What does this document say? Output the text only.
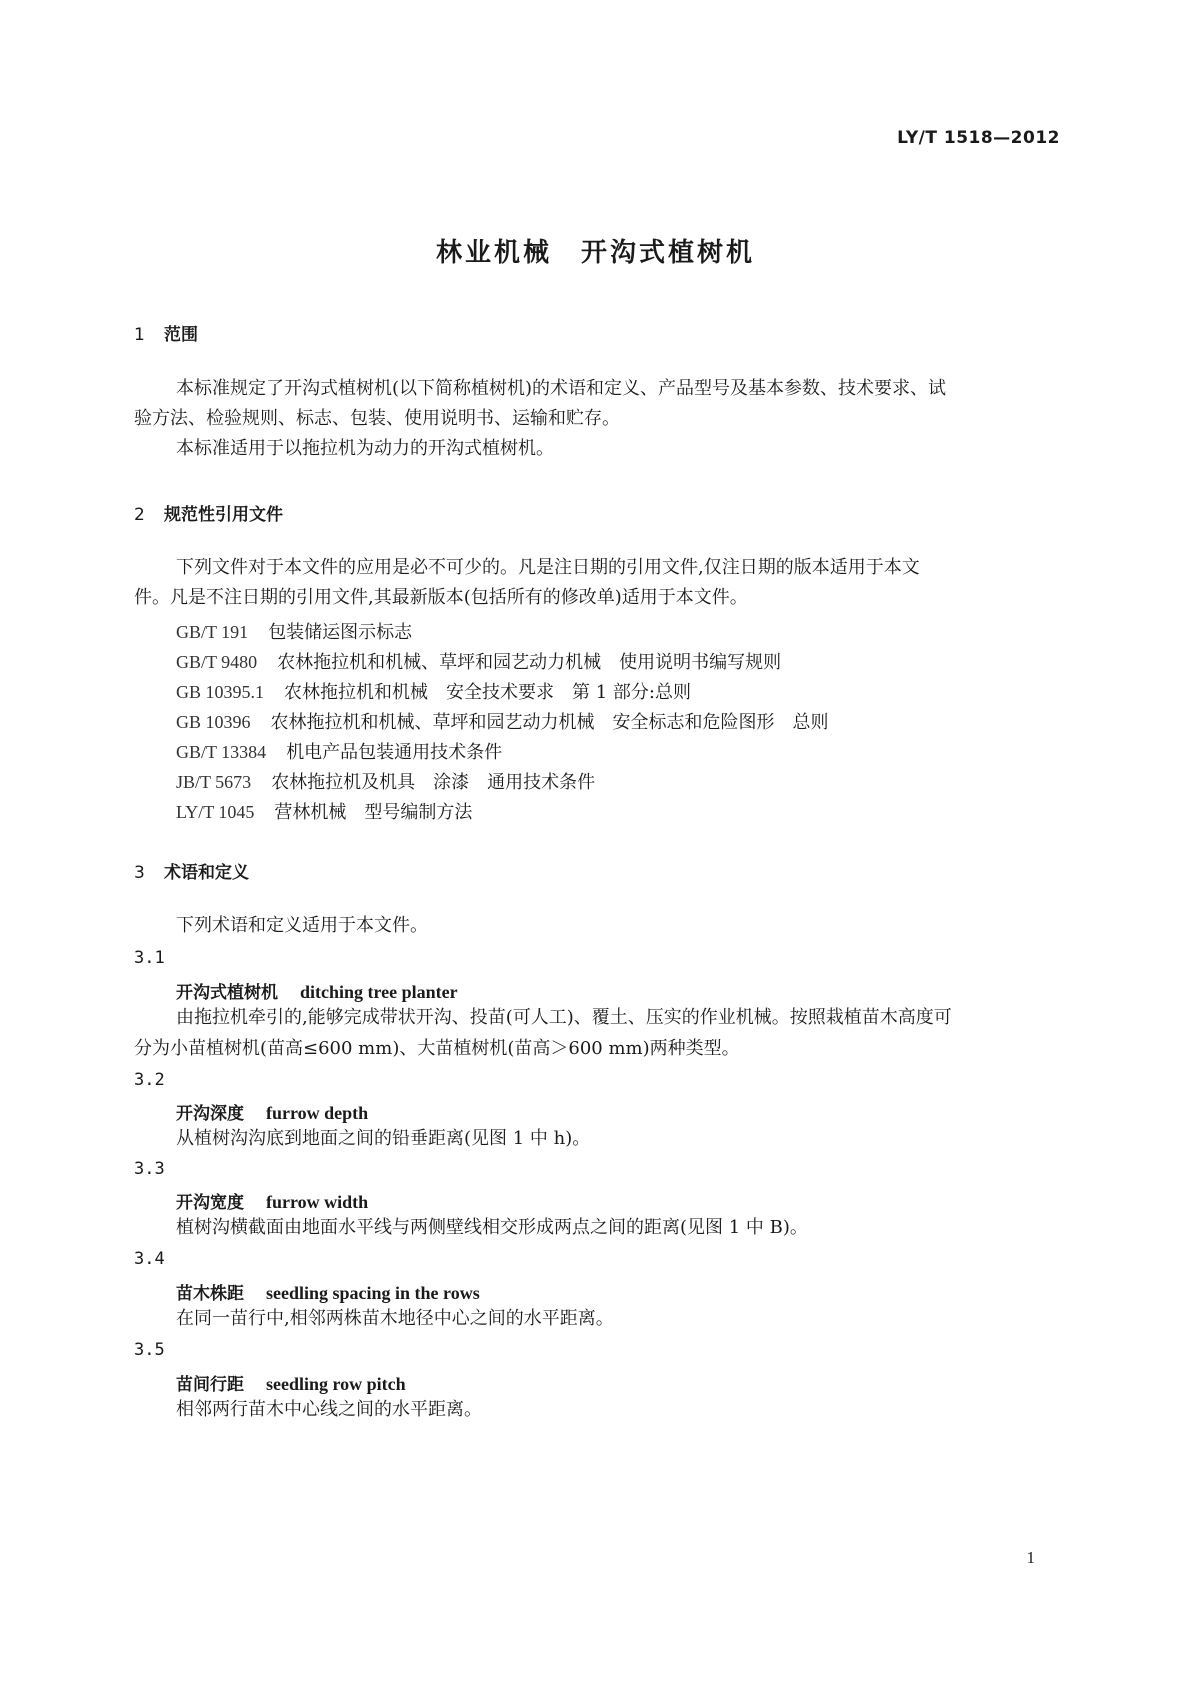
LY/T 1518—2012
林业机械　开沟式植树机
1 范围
本标准规定了开沟式植树机(以下简称植树机)的术语和定义、产品型号及基本参数、技术要求、试
验方法、检验规则、标志、包装、使用说明书、运输和贮存。
本标准适用于以拖拉机为动力的开沟式植树机。
2 规范性引用文件
下列文件对于本文件的应用是必不可少的。凡是注日期的引用文件,仅注日期的版本适用于本文
件。凡是不注日期的引用文件,其最新版本(包括所有的修改单)适用于本文件。
GB/T 191 包装储运图示标志
GB/T 9480 农林拖拉机和机械、草坪和园艺动力机械　使用说明书编写规则
GB 10395.1 农林拖拉机和机械　安全技术要求　第 1 部分:总则
GB 10396 农林拖拉机和机械、草坪和园艺动力机械　安全标志和危险图形　总则
GB/T 13384 机电产品包装通用技术条件
JB/T 5673 农林拖拉机及机具　涂漆　通用技术条件
LY/T 1045 营林机械　型号编制方法
3 术语和定义
下列术语和定义适用于本文件。
3.1
开沟式植树机 ditching tree planter
由拖拉机牵引的,能够完成带状开沟、投苗(可人工)、覆土、压实的作业机械。按照栽植苗木高度可
分为小苗植树机(苗高≤600 mm)、大苗植树机(苗高＞600 mm)两种类型。
3.2
开沟深度 furrow depth
从植树沟沟底到地面之间的铅垂距离(见图 1 中 h)。
3.3
开沟宽度 furrow width
植树沟横截面由地面水平线与两侧壁线相交形成两点之间的距离(见图 1 中 B)。
3.4
苗木株距 seedling spacing in the rows
在同一苗行中,相邻两株苗木地径中心之间的水平距离。
3.5
苗间行距 seedling row pitch
相邻两行苗木中心线之间的水平距离。
1
